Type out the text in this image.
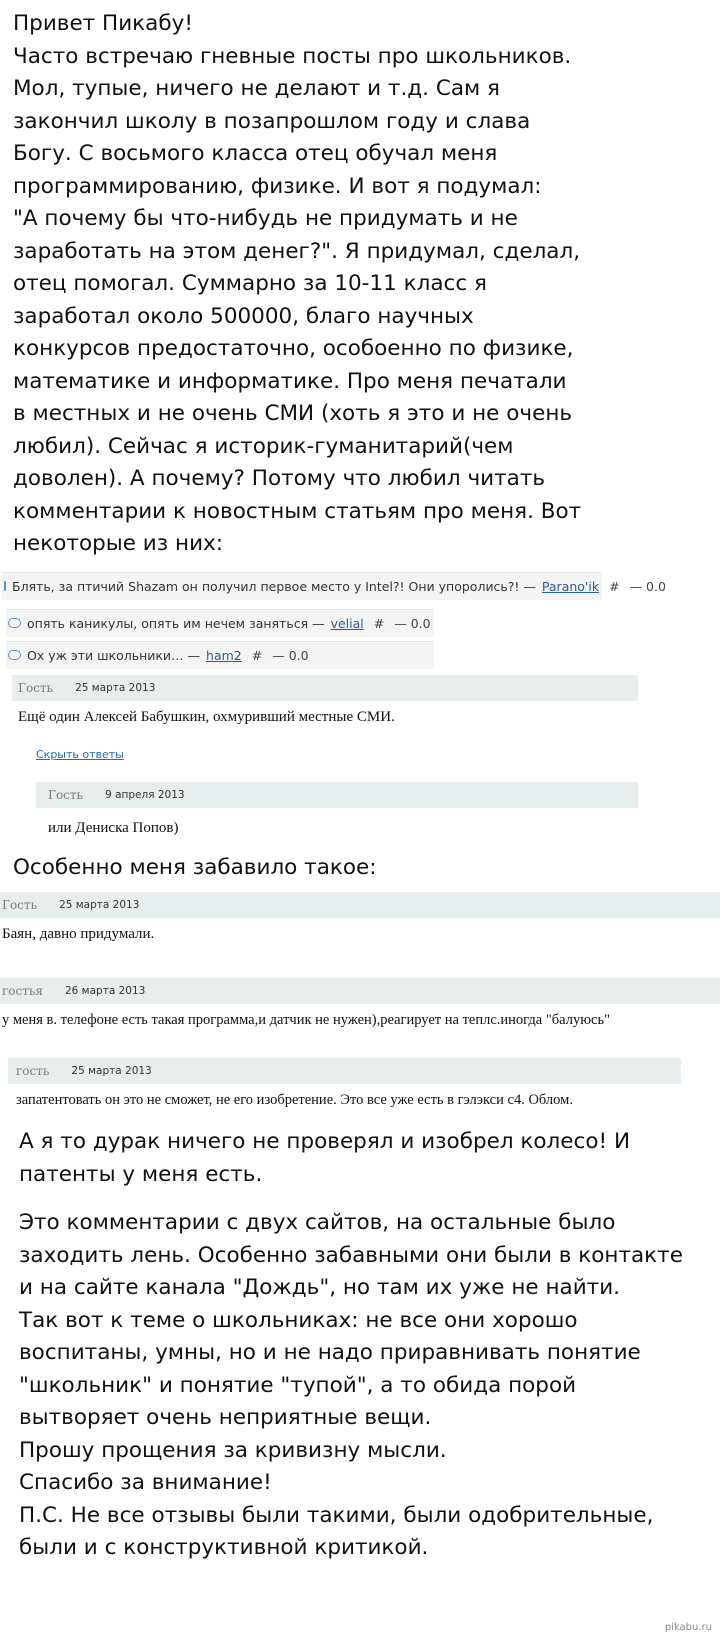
Привет Пикабу!

Часто встречаю гневные посты про школьников.

Мол, тупые, ничего не делают и т.д. Сам я

закончил школу в позапрошлом году и слава

Богу. С восьмого класса отец обучал меня

программированию, физике. И вот я подумал:

"А почему бы что-нибудь не придумать и не

заработать на этом денег?". Я придумал, сделал,

отец помогал. Суммарно за 10-11 класс я

заработал около 500000, благо научных

конкурсов предостаточно, особоенно по физике,

математике и информатике. Про меня печатали

в местных и не очень СМИ (хоть я это и не очень

любил). Сейчас я историк-гуманитарий(чем

доволен). А почему? Потому что любил читать

комментарии к новостным статьям про меня. Вот

некоторые из них:

Блять, за птичий Shazam он получил первое место у Intel?! Они упоролись?! — Parano'ik # — 0.0
опять каникулы, опять им нечем заняться — velial # — 0.0
Ох уж эти школьники… — ham2 # — 0.0
Гость 25 марта 2013
Ещё один Алексей Бабушкин, охмуривший местные СМИ.
Скрыть ответы
Гость 9 апреля 2013
или Дениска Попов)

Особенно меня забавило такое:

Гость 25 марта 2013
Баян, давно придумали.
гостья 26 марта 2013
у меня в. телефоне есть такая программа,и датчик не нужен),реагирует на теплс.иногда "балуюсь"
гость 25 марта 2013
запатентовать он это не сможет, не его изобретение. Это все уже есть в гэлэкси с4. Облом.

А я то дурак ничего не проверял и изобрел колесо! И

патенты у меня есть.

Это комментарии с двух сайтов, на остальные было

заходить лень. Особенно забавными они были в контакте

и на сайте канала "Дождь", но там их уже не найти.

Так вот к теме о школьниках: не все они хорошо

воспитаны, умны, но и не надо приравнивать понятие

"школьник" и понятие "тупой", а то обида порой

вытворяет очень неприятные вещи.

Прошу прощения за кривизну мысли.

Спасибо за внимание!

П.С. Не все отзывы были такими, были одобрительные,

были и с конструктивной критикой.

pikabu.ru
